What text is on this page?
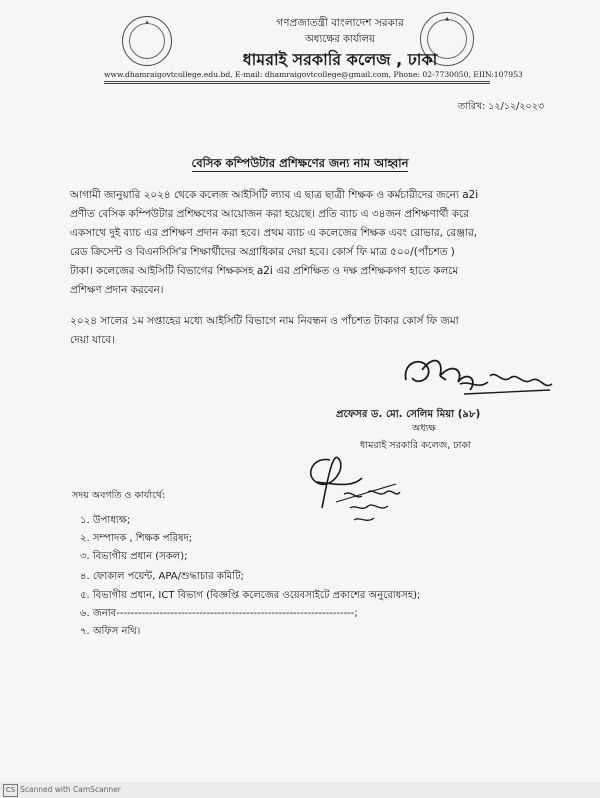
★
▲
গণপ্রজাতন্ত্রী বাংলাদেশ সরকার
অধ্যক্ষের কার্যালয়
ধামরাই সরকারি কলেজ , ঢাকা
www.dhamraigovtcollege.edu.bd, E-mail: dhamraigovtcollege@gmail.com, Phone: 02-7730050, EIIN:107953
তারিখ: ১২/১২/২০২৩
বেসিক কম্পিউটার প্রশিক্ষণের জন্য নাম আহ্বান
আগামী জানুয়ারি ২০২৪ থেকে কলেজ আইসিটি ল্যাব এ ছাত্র ছাত্রী শিক্ষক ও কর্মচারীদের জন্যে a2i
প্রণীত বেসিক কম্পিউটার প্রশিক্ষণের আয়োজন করা হয়েছে। প্রতি ব্যাচ এ ৩৪জন প্রশিক্ষণার্থী করে
একসাথে দুই ব্যাচ এর প্রশিক্ষণ প্রদান করা হবে। প্রথম ব্যাচ এ কলেজের শিক্ষক এবং রোভার, রেঞ্জার,
রেড ক্রিসেন্ট ও বিএনসিসি'র শিক্ষার্থীদের অগ্রাধিকার দেয়া হবে। কোর্স ফি মাত্র ৫০০/(পাঁচশত )
টাকা। কলেজের আইসিটি বিভাগের শিক্ষকসহ a2i এর প্রশিক্ষিত ও দক্ষ প্রশিক্ষকগণ হাতে কলমে
প্রশিক্ষণ প্রদান করবেন।
২০২৪ সালের ১ম সপ্তাহের মধ্যে আইসিটি বিভাগে নাম নিবন্ধন ও পাঁচশত টাকার কোর্স ফি জমা
দেয়া যাবে।
প্রফেসর ড. মো. সেলিম মিয়া (৯৮)
অধ্যক্ষ
ধামরাই সরকারি কলেজ, ঢাকা
সদয় অবগতি ও কার্যার্থে:
১. উপাধ্যক্ষ;
২. সম্পাদক , শিক্ষক পরিষদ;
৩. বিভাগীয় প্রধান (সকল);
৪. ফোকাল পয়েন্ট, APA/শুদ্ধাচার কমিটি;
৫. বিভাগীয় প্রধান, ICT বিভাগ (বিজ্ঞপ্তি কলেজের ওয়েবসাইটে প্রকাশের অনুরোধসহ);
৬. জনাব------------------------------------------------------------------;
৭. অফিস নথি।
CS Scanned with CamScanner
